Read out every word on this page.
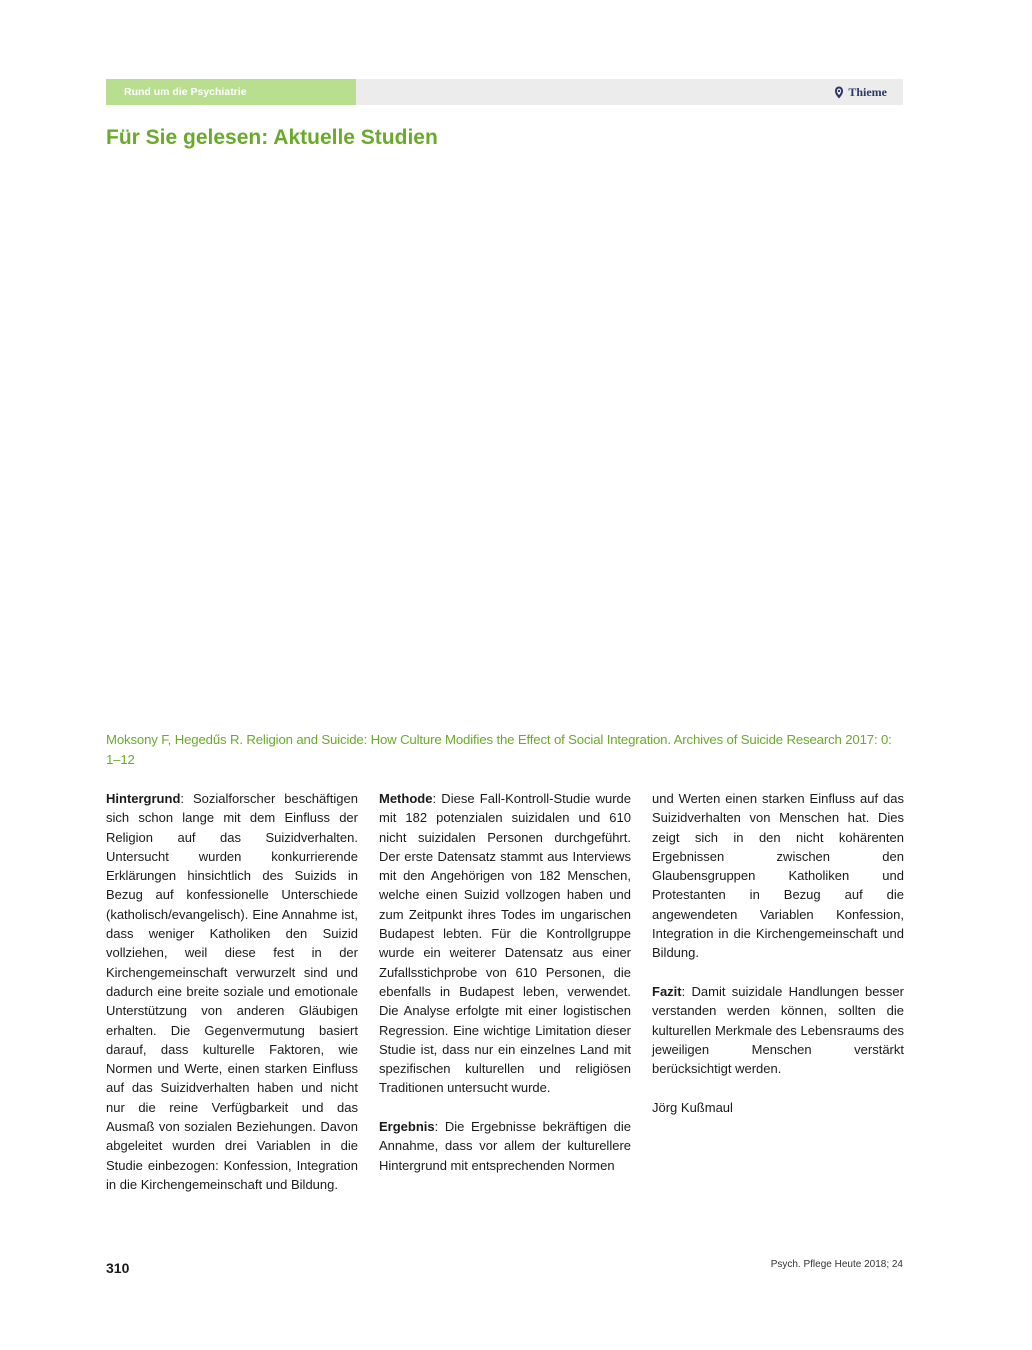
Rund um die Psychiatrie	Thieme
Für Sie gelesen: Aktuelle Studien

Moksony F, Hegedűs R. Religion and Suicide: How Culture Modifies the Effect of Social Integration. Archives of Suicide Research 2017: 0: 1–12

Hintergrund: Sozialforscher beschäftigen sich schon lange mit dem Einfluss der Religion auf das Suizidverhalten. Untersucht wurden konkurrierende Erklärungen hinsichtlich des Suizids in Bezug auf konfessionelle Unterschiede (katholisch/evangelisch). Eine Annahme ist, dass weniger Katholiken den Suizid vollziehen, weil diese fest in der Kirchengemeinschaft verwurzelt sind und dadurch eine breite soziale und emotionale Unterstützung von anderen Gläubigen erhalten. Die Gegenvermutung basiert darauf, dass kulturelle Faktoren, wie Normen und Werte, einen starken Einfluss auf das Suizidverhalten haben und nicht nur die reine Verfügbarkeit und das Ausmaß von sozialen Beziehungen. Davon abgeleitet wurden drei Variablen in die Studie einbezogen: Konfession, Integration in die Kirchengemeinschaft und Bildung.

Methode: Diese Fall-Kontroll-Studie wurde mit 182 potenzialen suizidalen und 610 nicht suizidalen Personen durchgeführt. Der erste Datensatz stammt aus Interviews mit den Angehörigen von 182 Menschen, welche einen Suizid vollzogen haben und zum Zeitpunkt ihres Todes im ungarischen Budapest lebten. Für die Kontrollgruppe wurde ein weiterer Datensatz aus einer Zufallsstichprobe von 610 Personen, die ebenfalls in Budapest leben, verwendet. Die Analyse erfolgte mit einer logistischen Regression. Eine wichtige Limitation dieser Studie ist, dass nur ein einzelnes Land mit spezifischen kulturellen und religiösen Traditionen untersucht wurde.

Ergebnis: Die Ergebnisse bekräftigen die Annahme, dass vor allem der kulturellere Hintergrund mit entsprechenden Normen

und Werten einen starken Einfluss auf das Suizidverhalten von Menschen hat. Dies zeigt sich in den nicht kohärenten Ergebnissen zwischen den Glaubensgruppen Katholiken und Protestanten in Bezug auf die angewendeten Variablen Konfession, Integration in die Kirchengemeinschaft und Bildung.

Fazit: Damit suizidale Handlungen besser verstanden werden können, sollten die kulturellen Merkmale des Lebensraums des jeweiligen Menschen verstärkt berücksichtigt werden.

Jörg Kußmaul

310	Psych. Pflege Heute 2018; 24
